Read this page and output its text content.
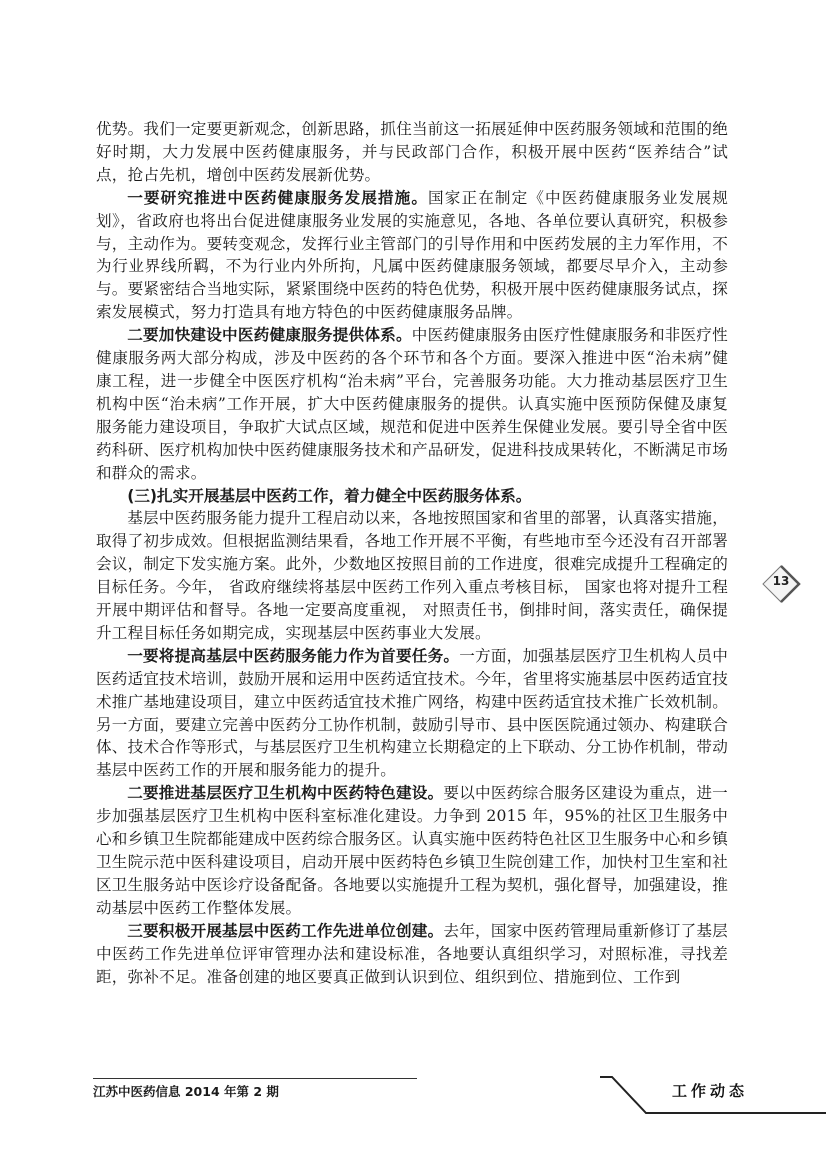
优势。我们一定要更新观念，创新思路，抓住当前这一拓展延伸中医药服务领域和范围的绝好时期，大力发展中医药健康服务，并与民政部门合作，积极开展中医药“医养结合”试点，抢占先机，增创中医药发展新优势。

一要研究推进中医药健康服务发展措施。国家正在制定《中医药健康服务业发展规划》，省政府也将出台促进健康服务业发展的实施意见，各地、各单位要认真研究，积极参与，主动作为。要转变观念，发挥行业主管部门的引导作用和中医药发展的主力军作用，不为行业界线所羁，不为行业内外所拘，凡属中医药健康服务领域，都要尽早介入，主动参与。要紧密结合当地实际，紧紧围绕中医药的特色优势，积极开展中医药健康服务试点，探索发展模式，努力打造具有地方特色的中医药健康服务品牌。

二要加快建设中医药健康服务提供体系。中医药健康服务由医疗性健康服务和非医疗性健康服务两大部分构成，涉及中医药的各个环节和各个方面。要深入推进中医“治未病”健康工程，进一步健全中医医疗机构“治未病”平台，完善服务功能。大力推动基层医疗卫生机构中医“治未病”工作开展，扩大中医药健康服务的提供。认真实施中医预防保健及康复服务能力建设项目，争取扩大试点区域，规范和促进中医养生保健业发展。要引导全省中医药科研、医疗机构加快中医药健康服务技术和产品研发，促进科技成果转化，不断满足市场和群众的需求。

(三)扎实开展基层中医药工作，着力健全中医药服务体系。

基层中医药服务能力提升工程启动以来，各地按照国家和省里的部署，认真落实措施，取得了初步成效。但根据监测结果看，各地工作开展不平衡，有些地市至今还没有召开部署会议，制定下发实施方案。此外，少数地区按照目前的工作进度，很难完成提升工程确定的目标任务。今年， 省政府继续将基层中医药工作列入重点考核目标， 国家也将对提升工程开展中期评估和督导。各地一定要高度重视， 对照责任书，倒排时间，落实责任，确保提升工程目标任务如期完成，实现基层中医药事业大发展。

一要将提高基层中医药服务能力作为首要任务。一方面，加强基层医疗卫生机构人员中医药适宜技术培训，鼓励开展和运用中医药适宜技术。今年，省里将实施基层中医药适宜技术推广基地建设项目，建立中医药适宜技术推广网络，构建中医药适宜技术推广长效机制。另一方面，要建立完善中医药分工协作机制，鼓励引导市、县中医医院通过领办、构建联合体、技术合作等形式，与基层医疗卫生机构建立长期稳定的上下联动、分工协作机制，带动基层中医药工作的开展和服务能力的提升。

二要推进基层医疗卫生机构中医药特色建设。要以中医药综合服务区建设为重点，进一步加强基层医疗卫生机构中医科室标准化建设。力争到 2015 年，95%的社区卫生服务中心和乡镇卫生院都能建成中医药综合服务区。认真实施中医药特色社区卫生服务中心和乡镇卫生院示范中医科建设项目，启动开展中医药特色乡镇卫生院创建工作，加快村卫生室和社区卫生服务站中医诊疗设备配备。各地要以实施提升工程为契机，强化督导，加强建设，推动基层中医药工作整体发展。

三要积极开展基层中医药工作先进单位创建。去年，国家中医药管理局重新修订了基层中医药工作先进单位评审管理办法和建设标准，各地要认真组织学习，对照标准，寻找差距，弥补不足。准备创建的地区要真正做到认识到位、组织到位、措施到位、工作到

13
江苏中医药信息 2014 年第 2 期	工作动态
